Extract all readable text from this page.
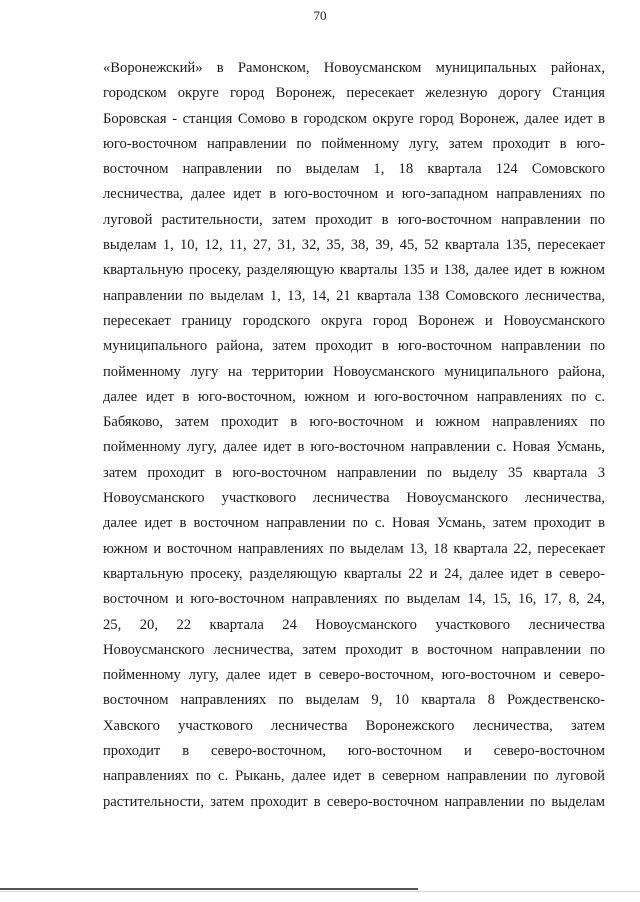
70
«Воронежский» в Рамонском, Новоусманском муниципальных районах,
городском округе город Воронеж, пересекает железную дорогу Станция
Боровская - станция Сомово в городском округе город Воронеж, далее идет в
юго-восточном направлении по пойменному лугу, затем проходит в юго-
восточном направлении по выделам 1, 18 квартала 124 Сомовского
лесничества, далее идет в юго-восточном и юго-западном направлениях по
луговой растительности, затем проходит в юго-восточном направлении по
выделам 1, 10, 12, 11, 27, 31, 32, 35, 38, 39, 45, 52 квартала 135, пересекает
квартальную просеку, разделяющую кварталы 135 и 138, далее идет в южном
направлении по выделам 1, 13, 14, 21 квартала 138 Сомовского лесничества,
пересекает границу городского округа город Воронеж и Новоусманского
муниципального района, затем проходит в юго-восточном направлении по
пойменному лугу на территории Новоусманского муниципального района,
далее идет в юго-восточном, южном и юго-восточном направлениях по с.
Бабяково, затем проходит в юго-восточном и южном направлениях по
пойменному лугу, далее идет в юго-восточном направлении с. Новая Усмань,
затем проходит в юго-восточном направлении по выделу 35 квартала 3
Новоусманского участкового лесничества Новоусманского лесничества,
далее идет в восточном направлении по с. Новая Усмань, затем проходит в
южном и восточном направлениях по выделам 13, 18 квартала 22, пересекает
квартальную просеку, разделяющую кварталы 22 и 24, далее идет в северо-
восточном и юго-восточном направлениях по выделам 14, 15, 16, 17, 8, 24,
25, 20, 22 квартала 24 Новоусманского участкового лесничества
Новоусманского лесничества, затем проходит в восточном направлении по
пойменному лугу, далее идет в северо-восточном, юго-восточном и северо-
восточном направлениях по выделам 9, 10 квартала 8 Рождественско-
Хавского участкового лесничества Воронежского лесничества, затем
проходит в северо-восточном, юго-восточном и северо-восточном
направлениях по с. Рыкань, далее идет в северном направлении по луговой
растительности, затем проходит в северо-восточном направлении по выделам
